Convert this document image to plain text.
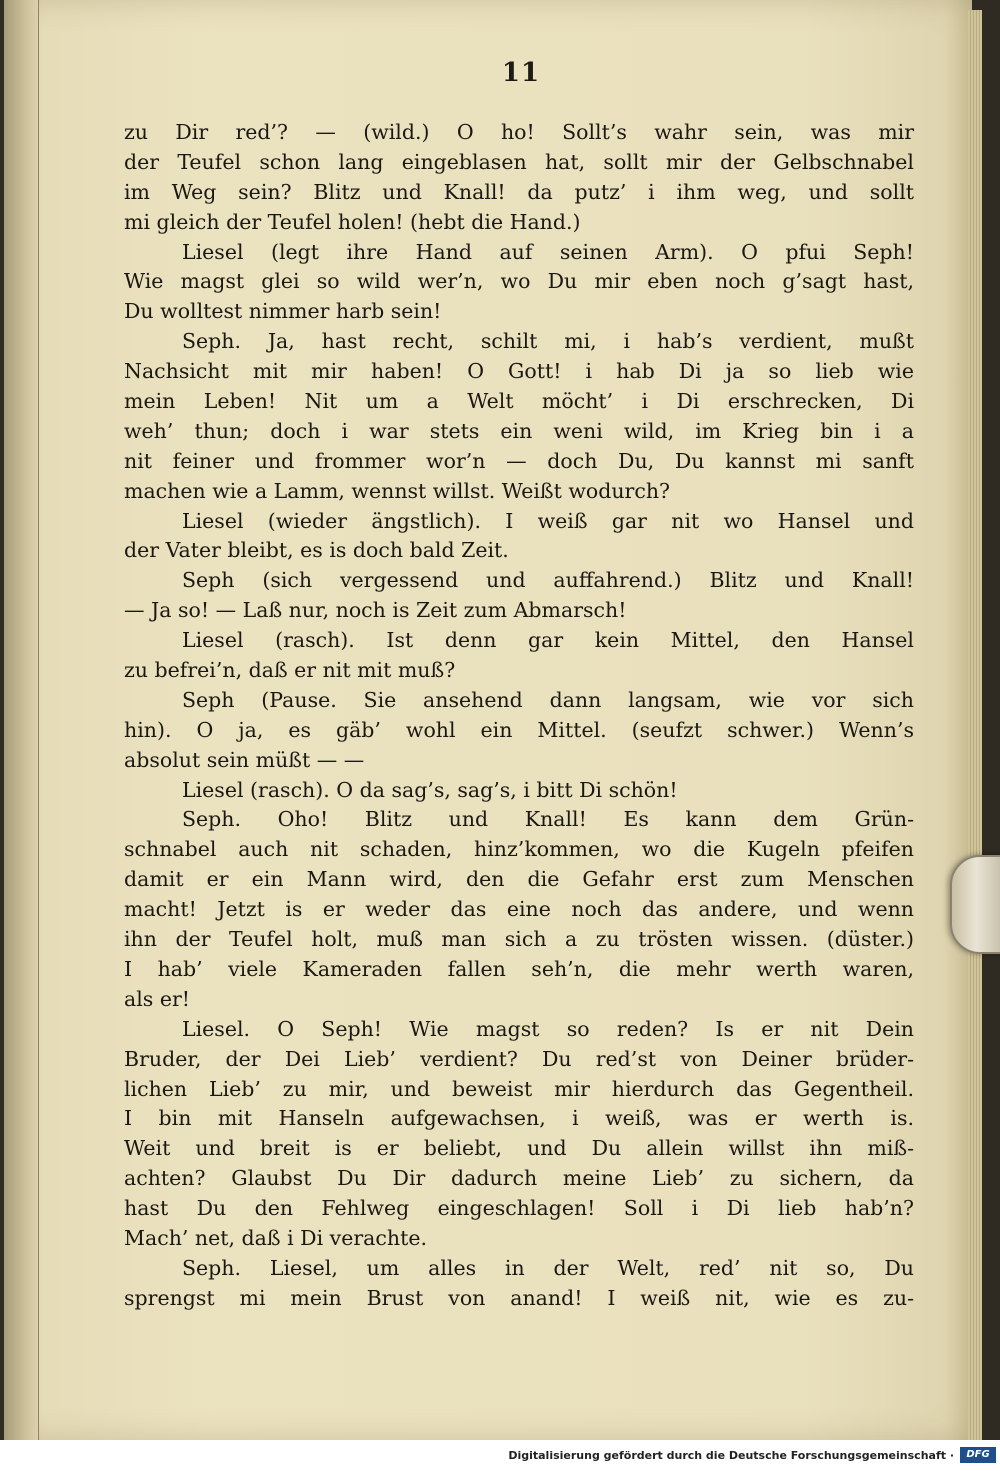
11
zu Dir red’? — (wild.) O ho! Sollt’s wahr sein, was mir
der Teufel schon lang eingeblasen hat, sollt mir der Gelbschnabel
im Weg sein? Blitz und Knall! da putz’ i ihm weg, und sollt
mi gleich der Teufel holen! (hebt die Hand.)
Liesel (legt ihre Hand auf seinen Arm). O pfui Seph!
Wie magst glei so wild wer’n, wo Du mir eben noch g’sagt hast,
Du wolltest nimmer harb sein!
Seph. Ja, hast recht, schilt mi, i hab’s verdient, mußt
Nachsicht mit mir haben! O Gott! i hab Di ja so lieb wie
mein Leben! Nit um a Welt möcht’ i Di erschrecken, Di
weh’ thun; doch i war stets ein weni wild, im Krieg bin i a
nit feiner und frommer wor’n — doch Du, Du kannst mi sanft
machen wie a Lamm, wennst willst. Weißt wodurch?
Liesel (wieder ängstlich). I weiß gar nit wo Hansel und
der Vater bleibt, es is doch bald Zeit.
Seph (sich vergessend und auffahrend.) Blitz und Knall!
— Ja so! — Laß nur, noch is Zeit zum Abmarsch!
Liesel (rasch). Ist denn gar kein Mittel, den Hansel
zu befrei’n, daß er nit mit muß?
Seph (Pause. Sie ansehend dann langsam, wie vor sich
hin). O ja, es gäb’ wohl ein Mittel. (seufzt schwer.) Wenn’s
absolut sein müßt — —
Liesel (rasch). O da sag’s, sag’s, i bitt Di schön!
Seph. Oho! Blitz und Knall! Es kann dem Grün-
schnabel auch nit schaden, hinz’kommen, wo die Kugeln pfeifen
damit er ein Mann wird, den die Gefahr erst zum Menschen
macht! Jetzt is er weder das eine noch das andere, und wenn
ihn der Teufel holt, muß man sich a zu trösten wissen. (düster.)
I hab’ viele Kameraden fallen seh’n, die mehr werth waren,
als er!
Liesel. O Seph! Wie magst so reden? Is er nit Dein
Bruder, der Dei Lieb’ verdient? Du red’st von Deiner brüder-
lichen Lieb’ zu mir, und beweist mir hierdurch das Gegentheil.
I bin mit Hanseln aufgewachsen, i weiß, was er werth is.
Weit und breit is er beliebt, und Du allein willst ihn miß-
achten? Glaubst Du Dir dadurch meine Lieb’ zu sichern, da
hast Du den Fehlweg eingeschlagen! Soll i Di lieb hab’n?
Mach’ net, daß i Di verachte.
Seph. Liesel, um alles in der Welt, red’ nit so, Du
sprengst mi mein Brust von anand! I weiß nit, wie es zu-
Digitalisierung gefördert durch die Deutsche Forschungsgemeinschaft ·	DFG
